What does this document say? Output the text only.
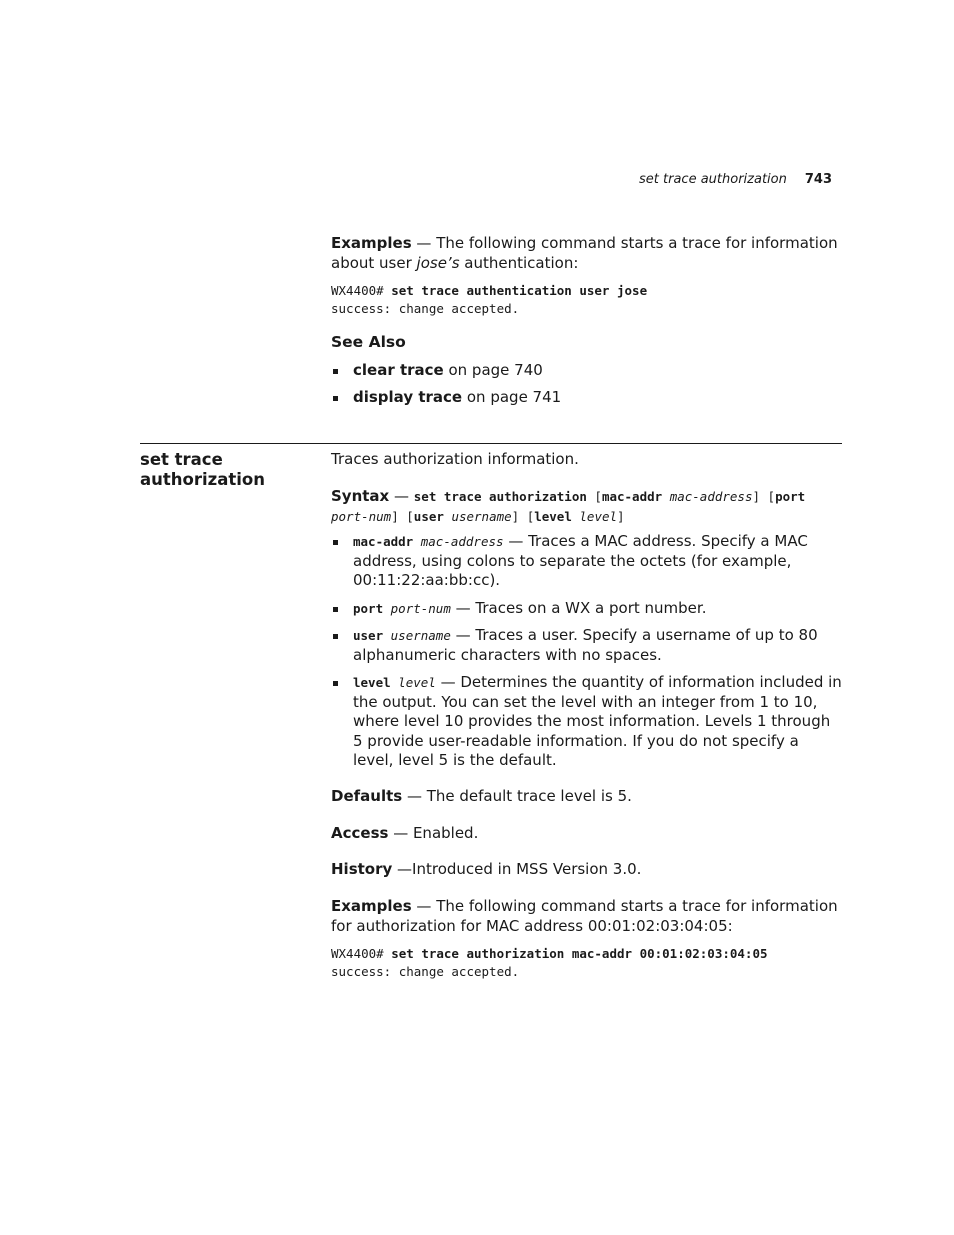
set trace authorization 743
Examples — The following command starts a trace for information about user jose’s authentication:
WX4400# set trace authentication user jose
success: change accepted.
See Also
clear trace on page 740
display trace on page 741
set trace authorization
Traces authorization information.
Syntax — set trace authorization [mac-addr mac-address] [port port-num] [user username] [level level]
mac-addr mac-address — Traces a MAC address. Specify a MAC address, using colons to separate the octets (for example, 00:11:22:aa:bb:cc).
port port-num — Traces on a WX a port number.
user username — Traces a user. Specify a username of up to 80 alphanumeric characters with no spaces.
level level — Determines the quantity of information included in the output. You can set the level with an integer from 1 to 10, where level 10 provides the most information. Levels 1 through 5 provide user-readable information. If you do not specify a level, level 5 is the default.
Defaults — The default trace level is 5.
Access — Enabled.
History —Introduced in MSS Version 3.0.
Examples — The following command starts a trace for information for authorization for MAC address 00:01:02:03:04:05:
WX4400# set trace authorization mac-addr 00:01:02:03:04:05
success: change accepted.
